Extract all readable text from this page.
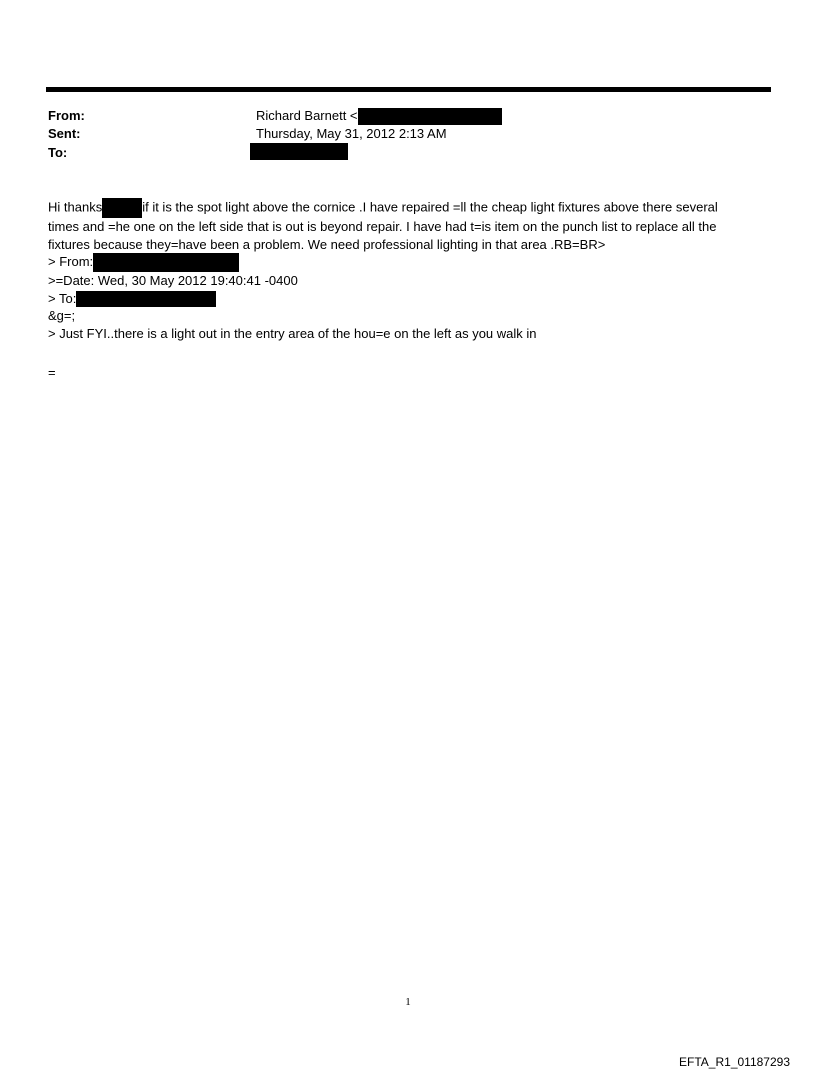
From:	Richard Barnett <
Sent:	Thursday, May 31, 2012 2:13 AM
To:
Hi thanks	if it is the spot light above the cornice .I have repaired =ll the cheap light fixtures above there several
times and =he one on the left side that is out is beyond repair. I have had t=is item on the punch list to replace all the
fixtures because they=have been a problem. We need professional lighting in that area .RB=BR>
> From:
>=Date: Wed, 30 May 2012 19:40:41 -0400
> To:
&g=;
> Just FYI..there is a light out in the entry area of the hou=e on the left as you walk in
=
1
EFTA_R1_01187293
